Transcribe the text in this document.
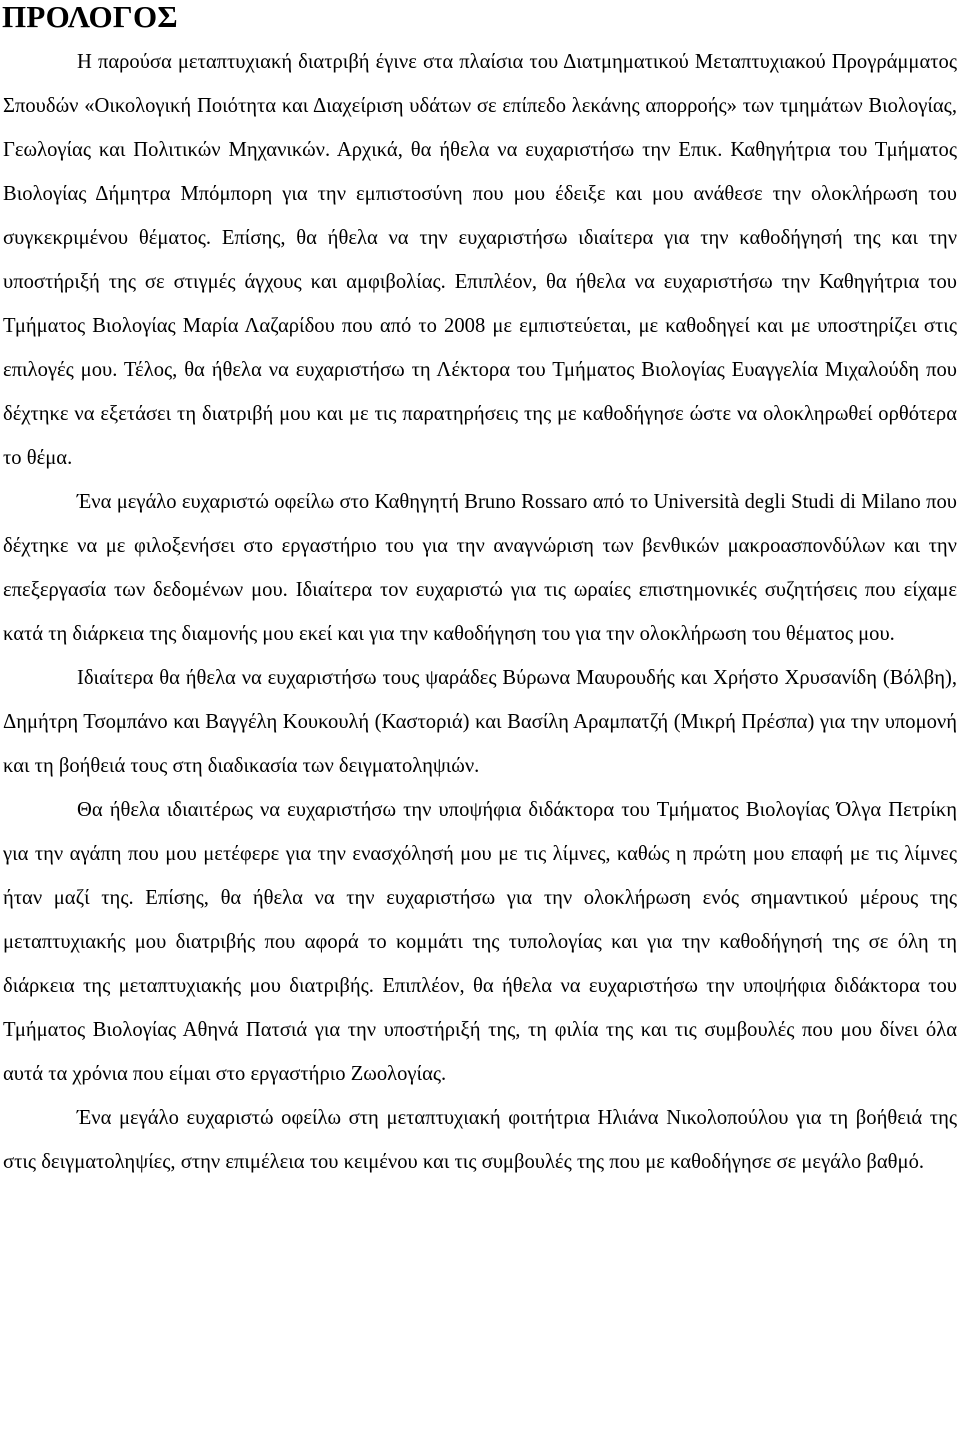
ΠΡΟΛΟΓΟΣ

Η παρούσα μεταπτυχιακή διατριβή έγινε στα πλαίσια του Διατμηματικού Μεταπτυχιακού Προγράμματος Σπουδών «Οικολογική Ποιότητα και Διαχείριση υδάτων σε επίπεδο λεκάνης απορροής» των τμημάτων Βιολογίας, Γεωλογίας και Πολιτικών Μηχανικών. Αρχικά, θα ήθελα να ευχαριστήσω την Επικ. Καθηγήτρια του Τμήματος Βιολογίας Δήμητρα Μπόμπορη για την εμπιστοσύνη που μου έδειξε και μου ανάθεσε την ολοκλήρωση του συγκεκριμένου θέματος. Επίσης, θα ήθελα να την ευχαριστήσω ιδιαίτερα για την καθοδήγησή της και την υποστήριξή της σε στιγμές άγχους και αμφιβολίας. Επιπλέον, θα ήθελα να ευχαριστήσω την Καθηγήτρια του Τμήματος Βιολογίας Μαρία Λαζαρίδου που από το 2008 με εμπιστεύεται, με καθοδηγεί και με υποστηρίζει στις επιλογές μου. Τέλος, θα ήθελα να ευχαριστήσω τη Λέκτορα του Τμήματος Βιολογίας Ευαγγελία Μιχαλούδη που δέχτηκε να εξετάσει τη διατριβή μου και με τις παρατηρήσεις της με καθοδήγησε ώστε να ολοκληρωθεί ορθότερα το θέμα.

Ένα μεγάλο ευχαριστώ οφείλω στο Καθηγητή Bruno Rossaro από το Università degli Studi di Milano που δέχτηκε να με φιλοξενήσει στο εργαστήριο του για την αναγνώριση των βενθικών μακροασπονδύλων και την επεξεργασία των δεδομένων μου. Ιδιαίτερα τον ευχαριστώ για τις ωραίες επιστημονικές συζητήσεις που είχαμε κατά τη διάρκεια της διαμονής μου εκεί και για την καθοδήγηση του για την ολοκλήρωση του θέματος μου.

Ιδιαίτερα θα ήθελα να ευχαριστήσω τους ψαράδες Βύρωνα Μαυρουδής και Χρήστο Χρυσανίδη (Βόλβη), Δημήτρη Τσομπάνο και Βαγγέλη Κουκουλή (Καστοριά) και Βασίλη Αραμπατζή (Μικρή Πρέσπα) για την υπομονή και τη βοήθειά τους στη διαδικασία των δειγματοληψιών.

Θα ήθελα ιδιαιτέρως να ευχαριστήσω την υποψήφια διδάκτορα του Τμήματος Βιολογίας Όλγα Πετρίκη για την αγάπη που μου μετέφερε για την ενασχόλησή μου με τις λίμνες, καθώς η πρώτη μου επαφή με τις λίμνες ήταν μαζί της. Επίσης, θα ήθελα να την ευχαριστήσω για την ολοκλήρωση ενός σημαντικού μέρους της μεταπτυχιακής μου διατριβής που αφορά το κομμάτι της τυπολογίας και για την καθοδήγησή της σε όλη τη διάρκεια της μεταπτυχιακής μου διατριβής. Επιπλέον, θα ήθελα να ευχαριστήσω την υποψήφια διδάκτορα του Τμήματος Βιολογίας Αθηνά Πατσιά για την υποστήριξή της, τη φιλία της και τις συμβουλές που μου δίνει όλα αυτά τα χρόνια που είμαι στο εργαστήριο Ζωολογίας.

Ένα μεγάλο ευχαριστώ οφείλω στη μεταπτυχιακή φοιτήτρια Ηλιάνα Νικολοπούλου για τη βοήθειά της στις δειγματοληψίες, στην επιμέλεια του κειμένου και τις συμβουλές της που με καθοδήγησε σε μεγάλο βαθμό.
